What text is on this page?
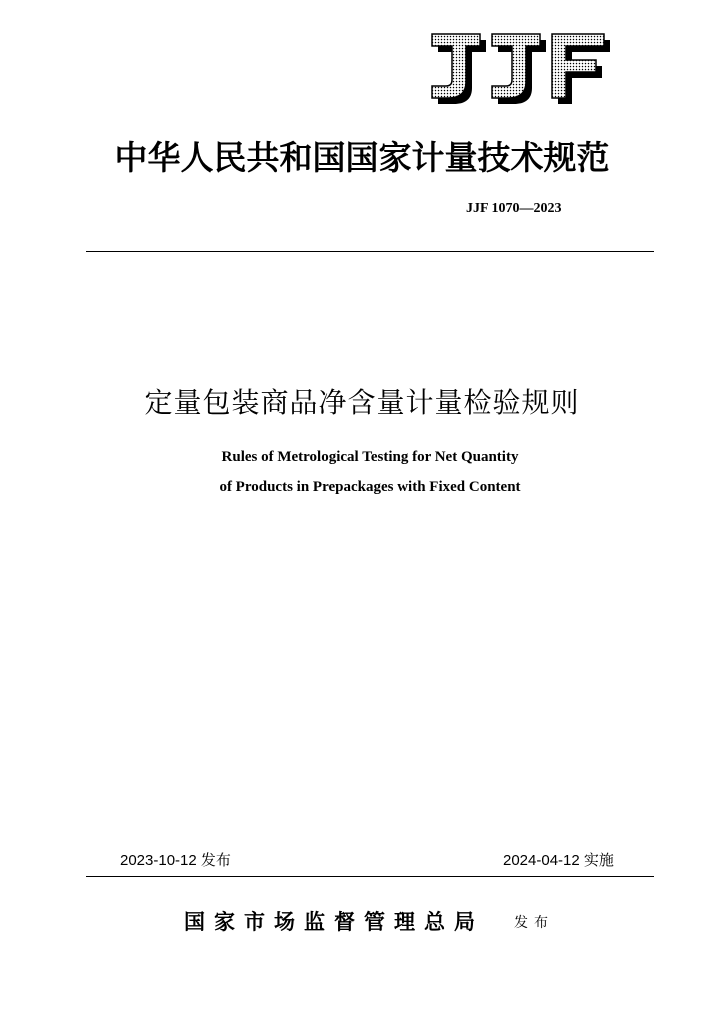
中华人民共和国国家计量技术规范
JJF 1070—2023
定量包装商品净含量计量检验规则
Rules of Metrological Testing for Net Quantity
of Products in Prepackages with Fixed Content
2023-10-12 发布	2024-04-12 实施
国家市场监督管理总局 发布
